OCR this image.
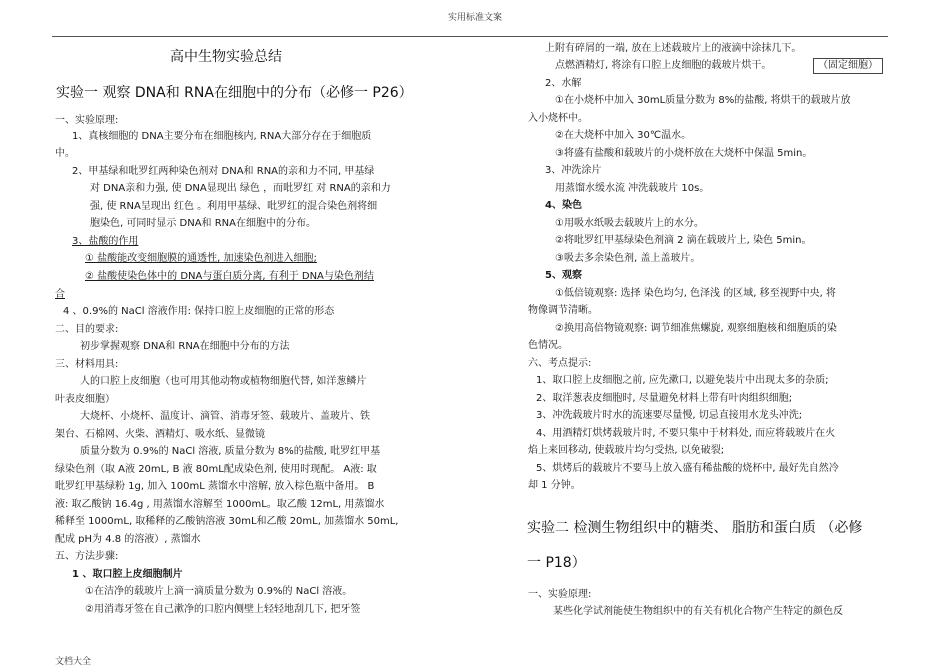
实用标准文案
高中生物实验总结
实验一 观察 DNA和 RNA在细胞中的分布（必修一 P26）
一、实验原理:
1、真核细胞的 DNA主要分布在细胞核内, RNA大部分存在于细胞质
中。
2、甲基绿和吡罗红两种染色剂对 DNA和 RNA的亲和力不同, 甲基绿
对 DNA亲和力强, 使 DNA显现出 绿色 ，而吡罗红 对 RNA的亲和力
强, 使 RNA呈现出 红色 。利用甲基绿、吡罗红的混合染色剂将细
胞染色, 可同时显示 DNA和 RNA在细胞中的分布。
3、盐酸的作用
① 盐酸能改变细胞膜的通透性, 加速染色剂进入细胞;
② 盐酸使染色体中的 DNA与蛋白质分离, 有利于 DNA与染色剂结
合
4 、0.9%的 NaCl 溶液作用: 保持口腔上皮细胞的正常的形态
二、目的要求:
初步掌握观察 DNA和 RNA在细胞中分布的方法
三、材料用具:
人的口腔上皮细胞（也可用其他动物或植物细胞代替, 如洋葱鳞片
叶表皮细胞）
大烧杯、小烧杯、温度计、滴管、消毒牙签、载玻片、盖玻片、铁
架台、石棉网、火柴、酒精灯、吸水纸、显微镜
质量分数为 0.9%的 NaCl 溶液, 质量分数为 8%的盐酸, 吡罗红甲基
绿染色剂（取 A液 20mL, B 液 80mL配成染色剂, 使用时现配。 A液: 取
吡罗红甲基绿粉 1g, 加入 100mL 蒸馏水中溶解, 放入棕色瓶中备用。 B
液: 取乙酸钠 16.4g , 用蒸馏水溶解至 1000mL。取乙酸 12mL, 用蒸馏水
稀释至 1000mL, 取稀释的乙酸钠溶液 30mL和乙酸 20mL, 加蒸馏水 50mL,
配成 pH为 4.8 的溶液）, 蒸馏水
五、方法步骤:
1 、取口腔上皮细胞制片
①在洁净的载玻片上滴一滴质量分数为 0.9%的 NaCl 溶液。
②用消毒牙签在自己漱净的口腔内侧壁上轻轻地刮几下, 把牙签
上附有碎屑的一端, 放在上述载玻片上的液滴中涂抹几下。
点燃酒精灯, 将涂有口腔上皮细胞的载玻片烘干。	（固定细胞）
2、水解
①在小烧杯中加入 30mL质量分数为 8%的盐酸, 将烘干的载玻片放
入小烧杯中。
②在大烧杯中加入 30℃温水。
③将盛有盐酸和载玻片的小烧杯放在大烧杯中保温 5min。
3、冲洗涂片
用蒸馏水缓水流 冲洗载玻片 10s。
4、染色
①用吸水纸吸去载玻片上的水分。
②将吡罗红甲基绿染色剂滴 2 滴在载玻片上, 染色 5min。
③吸去多余染色剂, 盖上盖玻片。
5、观察
①低倍镜观察: 选择 染色均匀, 色泽浅 的区域, 移至视野中央, 将
物像调节清晰。
②换用高倍物镜观察: 调节细准焦螺旋, 观察细胞核和细胞质的染
色情况。
六、考点提示:
1、取口腔上皮细胞之前, 应先漱口, 以避免装片中出现太多的杂质;
2、取洋葱表皮细胞时, 尽量避免材料上带有叶肉组织细胞;
3、冲洗载玻片时水的流速要尽量慢, 切忌直接用水龙头冲洗;
4、用酒精灯烘烤载玻片时, 不要只集中于材料处, 而应将载玻片在火
焰上来回移动, 使载玻片均匀受热, 以免破裂;
5、烘烤后的载玻片不要马上放入盛有稀盐酸的烧杯中, 最好先自然冷
却 1 分钟。
实验二 检测生物组织中的糖类、 脂肪和蛋白质 （必修
一 P18）
一、实验原理:
某些化学试剂能使生物组织中的有关有机化合物产生特定的颜色反
文档大全
